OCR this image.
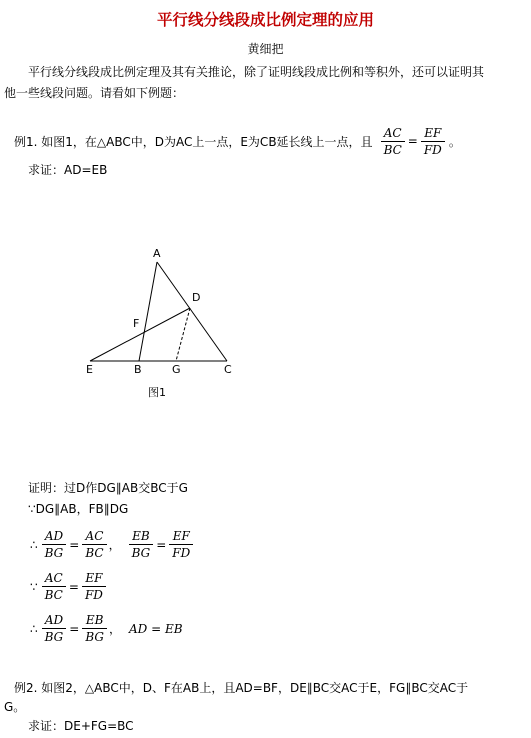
平行线分线段成比例定理的应用
黄细把
平行线分线段成比例定理及其有关推论，除了证明线段成比例和等积外，还可以证明其
他一些线段问题。请看如下例题：
例1. 如图1，在△ABC中，D为AC上一点，E为CB延长线上一点，且 $\frac{AC}{BC} = \frac{EF}{FD}$ 。
求证：AD=EB
A
D
F
E	B	G	C
图1
证明：过D作DG∥AB交BC于G
∵DG∥AB，FB∥DG
∴ $\frac{AD}{BG} = \frac{AC}{BC}$ ， $\frac{EB}{BG} = \frac{EF}{FD}$
∵ $\frac{AC}{BC} = \frac{EF}{FD}$
∴ $\frac{AD}{BG} = \frac{EB}{BG}$ ， AD = EB
例2. 如图2，△ABC中，D、F在AB上，且AD=BF，DE∥BC交AC于E，FG∥BC交AC于
G。
求证：DE+FG=BC
